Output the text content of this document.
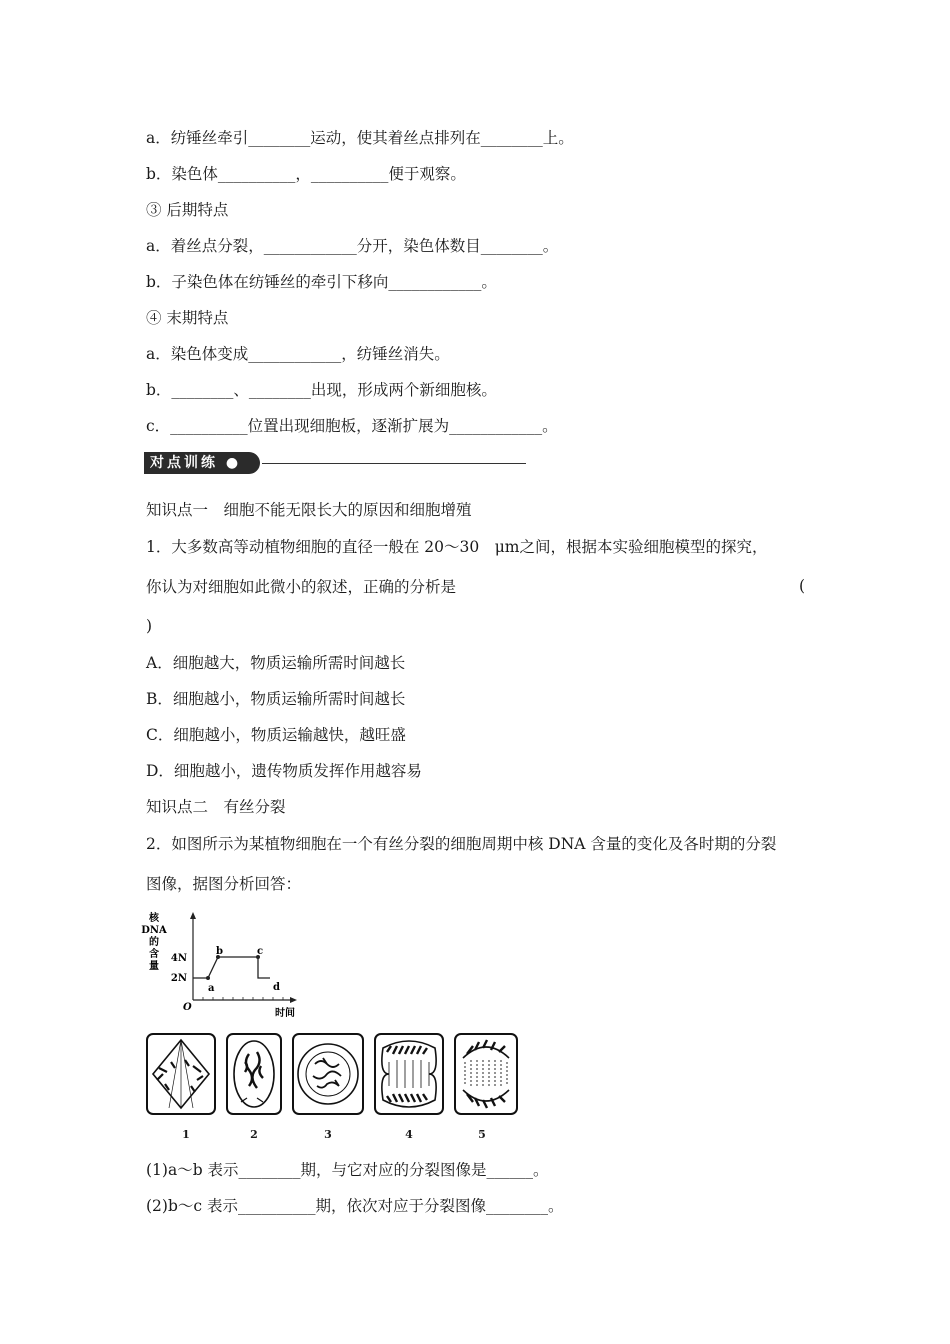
a．纺锤丝牵引________运动，使其着丝点排列在________上。
b．染色体__________，__________便于观察。
③ 后期特点
a．着丝点分裂，____________分开，染色体数目________。
b．子染色体在纺锤丝的牵引下移向____________。
④ 末期特点
a．染色体变成____________，纺锤丝消失。
b．________、________出现，形成两个新细胞核。
c．__________位置出现细胞板，逐渐扩展为____________。
对点训练 ●
知识点一　细胞不能无限长大的原因和细胞增殖
1．大多数高等动植物细胞的直径一般在 20～30　μm之间，根据本实验细胞模型的探究，
你认为对细胞如此微小的叙述，正确的分析是	(
)
A．细胞越大，物质运输所需时间越长
B．细胞越小，物质运输所需时间越长
C．细胞越小，物质运输越快，越旺盛
D．细胞越小，遗传物质发挥作用越容易
知识点二　有丝分裂
2．如图所示为某植物细胞在一个有丝分裂的细胞周期中核 DNA 含量的变化及各时期的分裂
图像，据图分析回答：
核
DNA
的
含
量
4N
2N
O
时间
a
b	c
d
1	2	3	4	5
(1)a～b 表示________期，与它对应的分裂图像是______。
(2)b～c 表示__________期，依次对应于分裂图像________。
